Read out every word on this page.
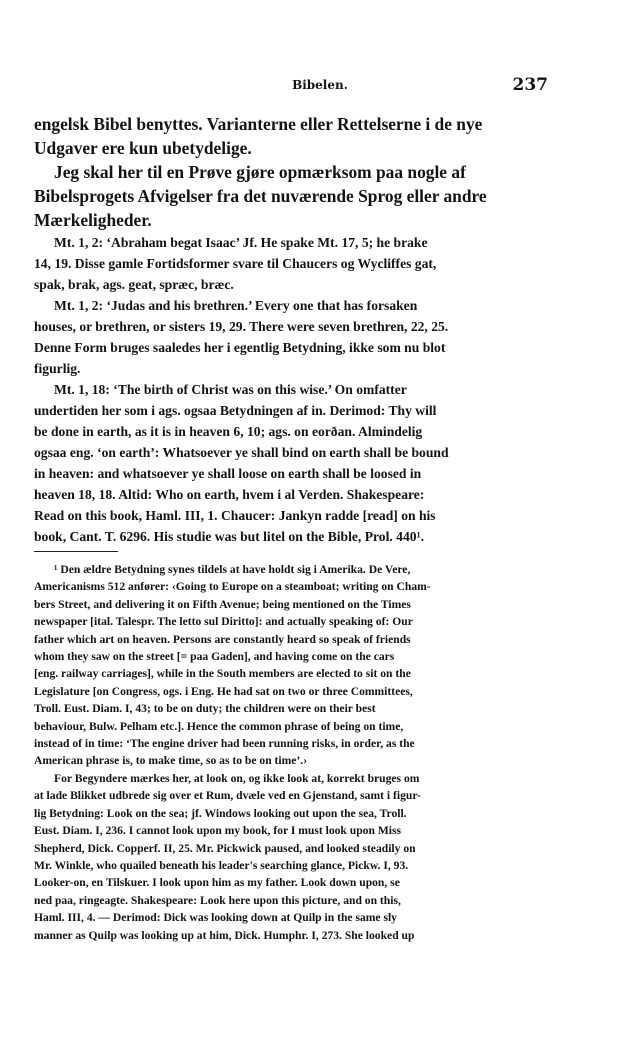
Bibelen.	237

engelsk Bibel benyttes. Varianterne eller Rettelserne i de nye

Udgaver ere kun ubetydelige.

Jeg skal her til en Prøve gjøre opmærksom paa nogle af

Bibelsprogets Afvigelser fra det nuværende Sprog eller andre

Mærkeligheder.

Mt. 1, 2: ‘Abraham begat Isaac’ Jf. He spake Mt. 17, 5; he brake

14, 19. Disse gamle Fortidsformer svare til Chaucers og Wycliffes gat,

spak, brak, ags. geat, spræc, bræc.

Mt. 1, 2: ‘Judas and his brethren.’ Every one that has forsaken

houses, or brethren, or sisters 19, 29. There were seven brethren, 22, 25.

Denne Form bruges saaledes her i egentlig Betydning, ikke som nu blot

figurlig.

Mt. 1, 18: ‘The birth of Christ was on this wise.’ On omfatter

undertiden her som i ags. ogsaa Betydningen af in. Derimod: Thy will

be done in earth, as it is in heaven 6, 10; ags. on eorðan. Almindelig

ogsaa eng. ‘on earth’: Whatsoever ye shall bind on earth shall be bound

in heaven: and whatsoever ye shall loose on earth shall be loosed in

heaven 18, 18. Altid: Who on earth, hvem i al Verden. Shakespeare:

Read on this book, Haml. III, 1. Chaucer: Jankyn radde [read] on his

book, Cant. T. 6296. His studie was but litel on the Bible, Prol. 440¹.

¹ Den ældre Betydning synes tildels at have holdt sig i Amerika. De Vere,

Americanisms 512 anfører: ‹Going to Europe on a steamboat; writing on Cham-

bers Street, and delivering it on Fifth Avenue; being mentioned on the Times

newspaper [ital. Talespr. The letto sul Diritto]: and actually speaking of: Our

father which art on heaven. Persons are constantly heard so speak of friends

whom they saw on the street [= paa Gaden], and having come on the cars

[eng. railway carriages], while in the South members are elected to sit on the

Legislature [on Congress, ogs. i Eng. He had sat on two or three Committees,

Troll. Eust. Diam. I, 43; to be on duty; the children were on their best

behaviour, Bulw. Pelham etc.]. Hence the common phrase of being on time,

instead of in time: ‘The engine driver had been running risks, in order, as the

American phrase is, to make time, so as to be on time’.›

For Begyndere mærkes her, at look on, og ikke look at, korrekt bruges om

at lade Blikket udbrede sig over et Rum, dvæle ved en Gjenstand, samt i figur-

lig Betydning: Look on the sea; jf. Windows looking out upon the sea, Troll.

Eust. Diam. I, 236. I cannot look upon my book, for I must look upon Miss

Shepherd, Dick. Copperf. II, 25. Mr. Pickwick paused, and looked steadily on

Mr. Winkle, who quailed beneath his leader's searching glance, Pickw. I, 93.

Looker-on, en Tilskuer. I look upon him as my father. Look down upon, se

ned paa, ringeagte. Shakespeare: Look here upon this picture, and on this,

Haml. III, 4. — Derimod: Dick was looking down at Quilp in the same sly

manner as Quilp was looking up at him, Dick. Humphr. I, 273. She looked up
